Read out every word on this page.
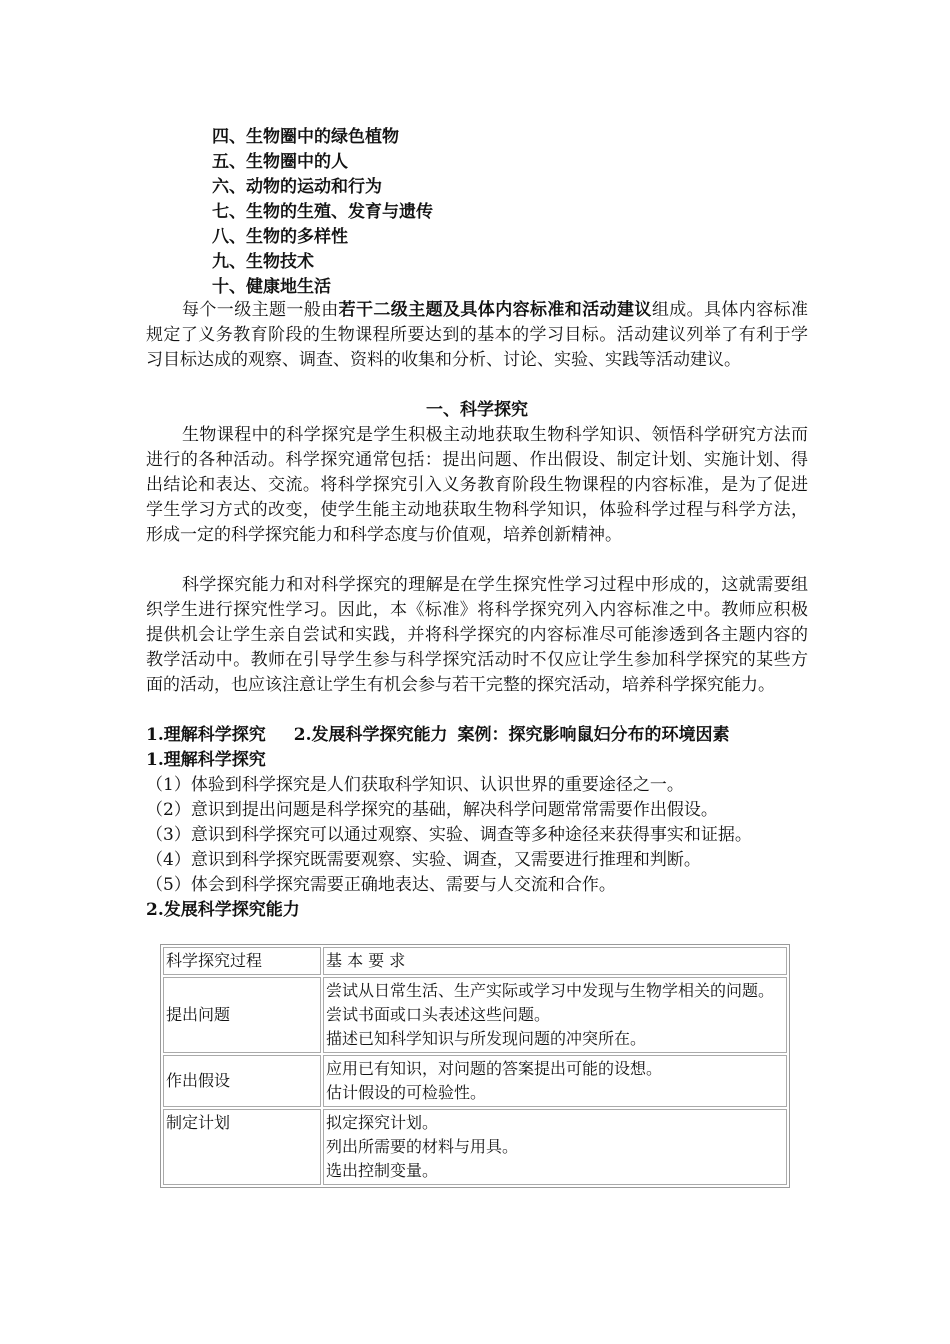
四、生物圈中的绿色植物
五、生物圈中的人
六、动物的运动和行为
七、生物的生殖、发育与遗传
八、生物的多样性
九、生物技术
十、健康地生活
每个一级主题一般由若干二级主题及具体内容标准和活动建议组成。具体内容标准规定了义务教育阶段的生物课程所要达到的基本的学习目标。活动建议列举了有利于学习目标达成的观察、调查、资料的收集和分析、讨论、实验、实践等活动建议。
一、科学探究
生物课程中的科学探究是学生积极主动地获取生物科学知识、领悟科学研究方法而进行的各种活动。科学探究通常包括：提出问题、作出假设、制定计划、实施计划、得出结论和表达、交流。将科学探究引入义务教育阶段生物课程的内容标准，是为了促进学生学习方式的改变，使学生能主动地获取生物科学知识，体验科学过程与科学方法，形成一定的科学探究能力和科学态度与价值观，培养创新精神。
科学探究能力和对科学探究的理解是在学生探究性学习过程中形成的，这就需要组织学生进行探究性学习。因此，本《标准》将科学探究列入内容标准之中。教师应积极提供机会让学生亲自尝试和实践，并将科学探究的内容标准尽可能渗透到各主题内容的教学活动中。教师在引导学生参与科学探究活动时不仅应让学生参加科学探究的某些方面的活动，也应该注意让学生有机会参与若干完整的探究活动，培养科学探究能力。
1.理解科学探究 2.发展科学探究能力 案例：探究影响鼠妇分布的环境因素
1.理解科学探究
（1）体验到科学探究是人们获取科学知识、认识世界的重要途径之一。
（2）意识到提出问题是科学探究的基础，解决科学问题常常需要作出假设。
（3）意识到科学探究可以通过观察、实验、调查等多种途径来获得事实和证据。
（4）意识到科学探究既需要观察、实验、调查，又需要进行推理和判断。
（5）体会到科学探究需要正确地表达、需要与人交流和合作。
2.发展科学探究能力
科学探究过程	基 本 要 求
提出问题	尝试从日常生活、生产实际或学习中发现与生物学相关的问题。
尝试书面或口头表述这些问题。
描述已知科学知识与所发现问题的冲突所在。

作出假设	应用已有知识，对问题的答案提出可能的设想。
估计假设的可检验性。

制定计划	拟定探究计划。
列出所需要的材料与用具。
选出控制变量。
